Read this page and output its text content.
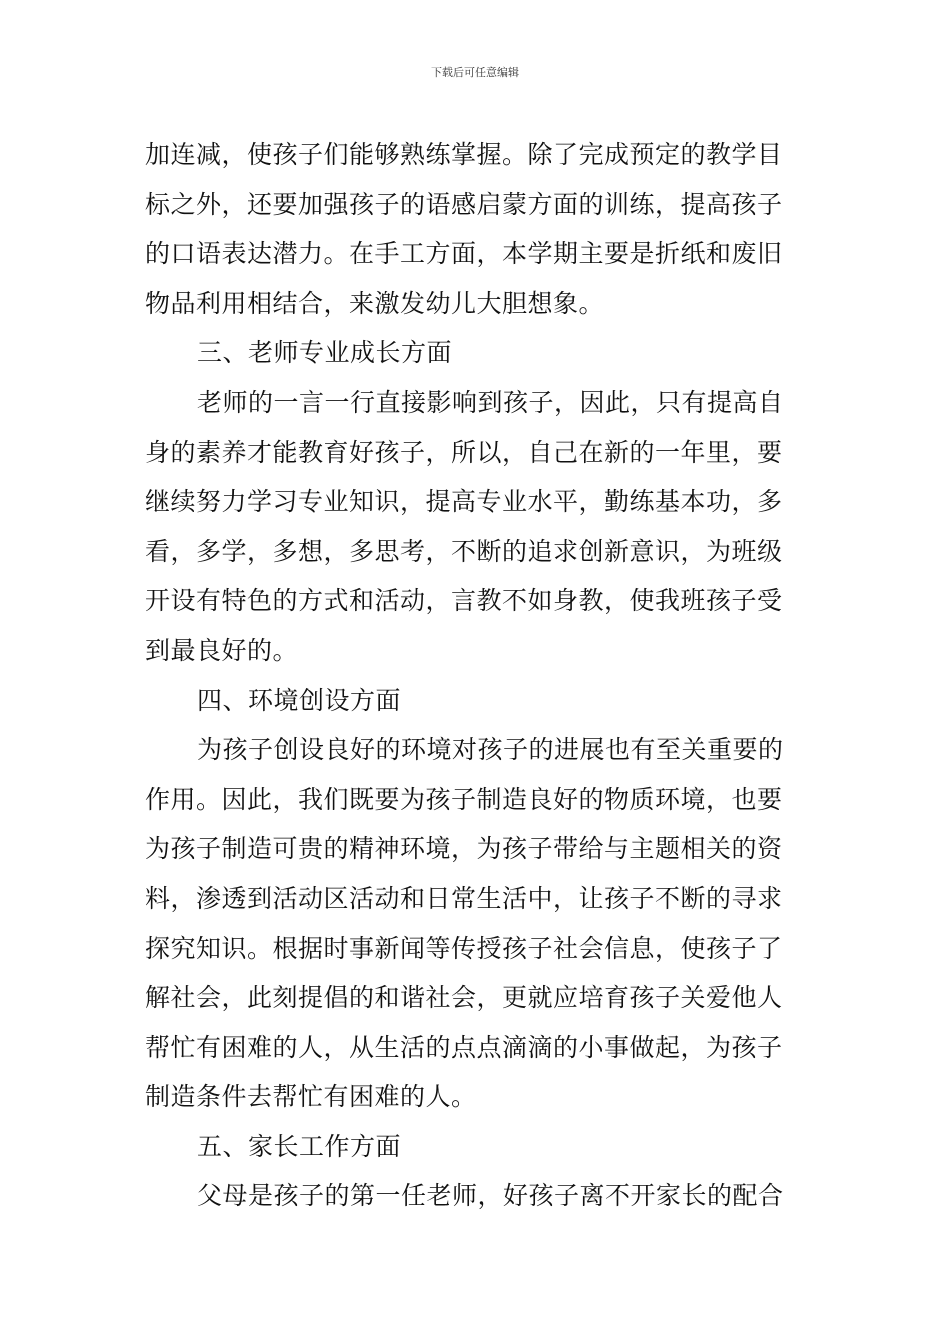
下载后可任意编辑
加连减，使孩子们能够熟练掌握。除了完成预定的教学目
标之外，还要加强孩子的语感启蒙方面的训练，提高孩子
的口语表达潜力。在手工方面，本学期主要是折纸和废旧
物品利用相结合，来激发幼儿大胆想象。
三、老师专业成长方面
老师的一言一行直接影响到孩子，因此，只有提高自
身的素养才能教育好孩子，所以，自己在新的一年里，要
继续努力学习专业知识，提高专业水平，勤练基本功，多
看，多学，多想，多思考，不断的追求创新意识，为班级
开设有特色的方式和活动，言教不如身教，使我班孩子受
到最良好的。
四、环境创设方面
为孩子创设良好的环境对孩子的进展也有至关重要的
作用。因此，我们既要为孩子制造良好的物质环境，也要
为孩子制造可贵的精神环境，为孩子带给与主题相关的资
料，渗透到活动区活动和日常生活中，让孩子不断的寻求
探究知识。根据时事新闻等传授孩子社会信息，使孩子了
解社会，此刻提倡的和谐社会，更就应培育孩子关爱他人
帮忙有困难的人，从生活的点点滴滴的小事做起，为孩子
制造条件去帮忙有困难的人。
五、家长工作方面
父母是孩子的第一任老师，好孩子离不开家长的配合
